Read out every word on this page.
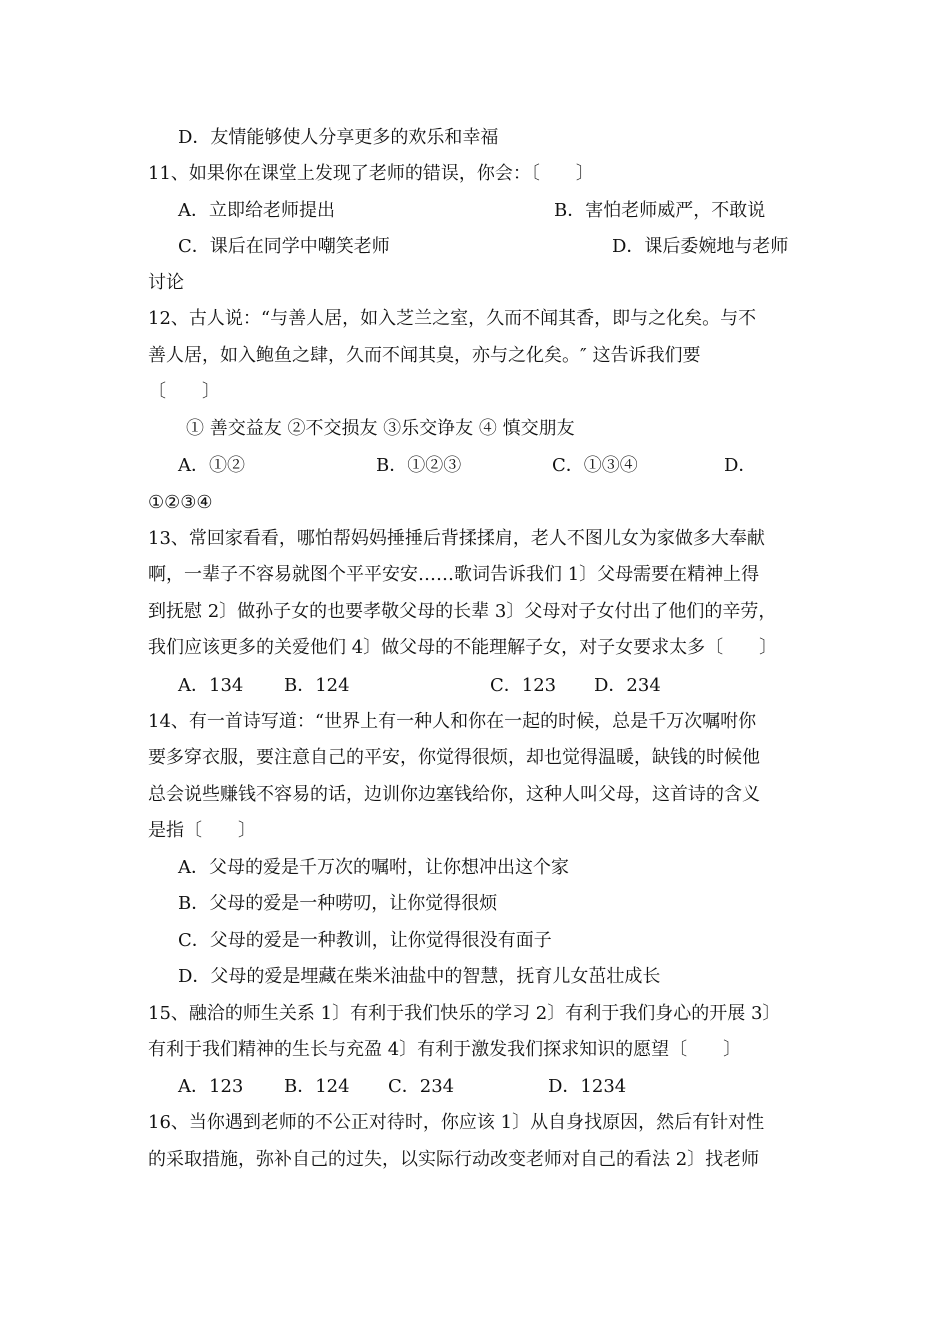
D．友情能够使人分享更多的欢乐和幸福

11、如果你在课堂上发现了老师的错误，你会：〔　　〕

A．立即给老师提出	B．害怕老师威严，不敢说

C．课后在同学中嘲笑老师	D．课后委婉地与老师

讨论

12、古人说：“与善人居，如入芝兰之室，久而不闻其香，即与之化矣。与不

善人居，如入鲍鱼之肆，久而不闻其臭，亦与之化矣。″ 这告诉我们要

〔　　〕

① 善交益友 ②不交损友 ③乐交诤友 ④ 慎交朋友

A．①②	B．①②③	C．①③④	D．

①②③④

13、常回家看看，哪怕帮妈妈捶捶后背揉揉肩，老人不图儿女为家做多大奉献

啊，一辈子不容易就图个平平安安……歌词告诉我们 1〕父母需要在精神上得

到抚慰 2〕做孙子女的也要孝敬父母的长辈 3〕父母对子女付出了他们的辛劳，

我们应该更多的关爱他们 4〕做父母的不能理解子女，对子女要求太多〔　　〕

A．134 B．124	C．123 D．234

14、有一首诗写道：“世界上有一种人和你在一起的时候，总是千万次嘱咐你

要多穿衣服，要注意自己的平安，你觉得很烦，却也觉得温暖，缺钱的时候他

总会说些赚钱不容易的话，边训你边塞钱给你，这种人叫父母，这首诗的含义

是指〔　　〕

A．父母的爱是千万次的嘱咐，让你想冲出这个家

B．父母的爱是一种唠叨，让你觉得很烦

C．父母的爱是一种教训，让你觉得很没有面子

D．父母的爱是埋藏在柴米油盐中的智慧，抚育儿女茁壮成长

15、融洽的师生关系 1〕有利于我们快乐的学习 2〕有利于我们身心的开展 3〕

有利于我们精神的生长与充盈 4〕有利于激发我们探求知识的愿望〔　　〕

A．123 B．124 C．234	D．1234

16、当你遇到老师的不公正对待时，你应该 1〕从自身找原因，然后有针对性

的采取措施，弥补自己的过失，以实际行动改变老师对自己的看法 2〕找老师
